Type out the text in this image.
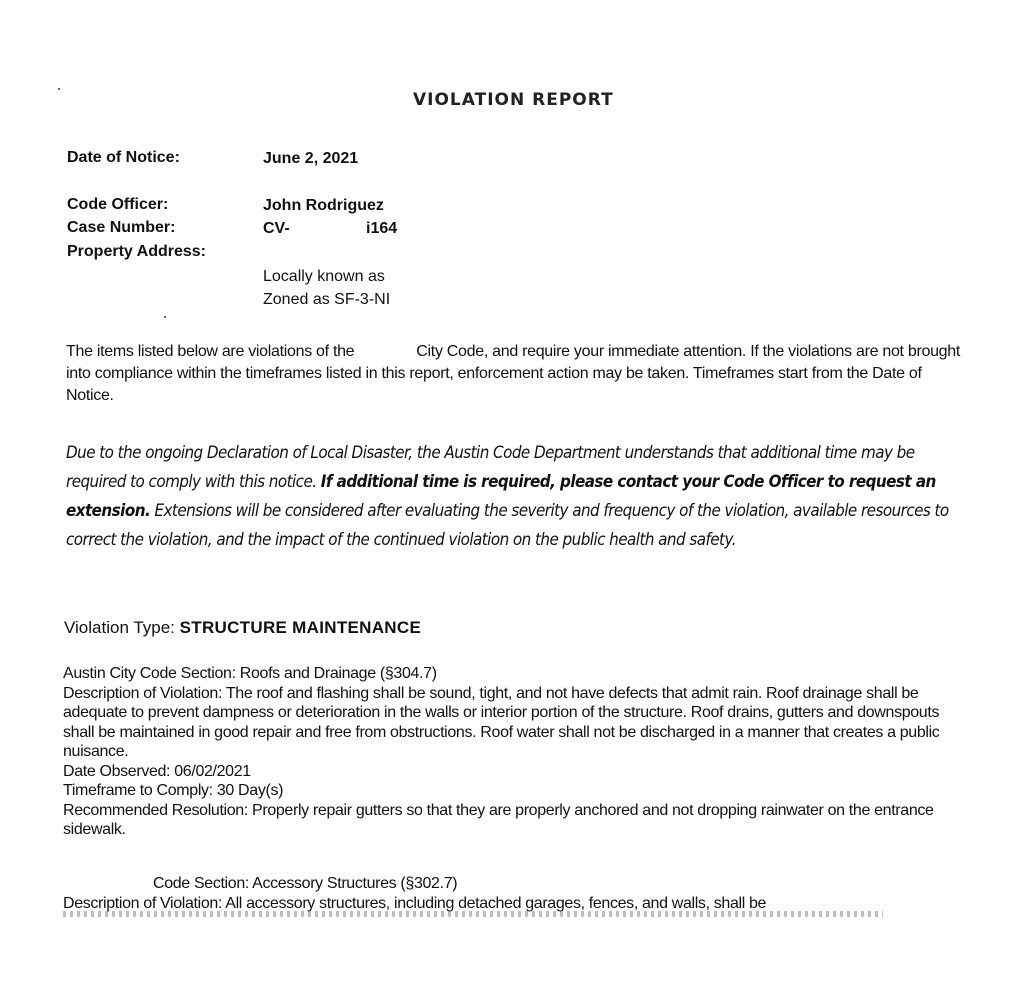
VIOLATION REPORT
Date of Notice:	June 2, 2021
Code Officer:	John Rodriguez
Case Number:	CV-	i164
Property Address:
Locally known as
Zoned as SF-3-NI
The items listed below are violations of the	City Code, and require your immediate attention. If the violations are not brought into compliance within the timeframes listed in this report, enforcement action may be taken. Timeframes start from the Date of Notice.
Due to the ongoing Declaration of Local Disaster, the Austin Code Department understands that additional time may be required to comply with this notice. If additional time is required, please contact your Code Officer to request an extension. Extensions will be considered after evaluating the severity and frequency of the violation, available resources to correct the violation, and the impact of the continued violation on the public health and safety.
Violation Type: STRUCTURE MAINTENANCE
Austin City Code Section: Roofs and Drainage (§304.7)
Description of Violation: The roof and flashing shall be sound, tight, and not have defects that admit rain. Roof drainage shall be adequate to prevent dampness or deterioration in the walls or interior portion of the structure. Roof drains, gutters and downspouts shall be maintained in good repair and free from obstructions. Roof water shall not be discharged in a manner that creates a public nuisance.
Date Observed: 06/02/2021
Timeframe to Comply: 30 Day(s)
Recommended Resolution: Properly repair gutters so that they are properly anchored and not dropping rainwater on the entrance sidewalk.
Code Section: Accessory Structures (§302.7)
Description of Violation: All accessory structures, including detached garages, fences, and walls, shall be
